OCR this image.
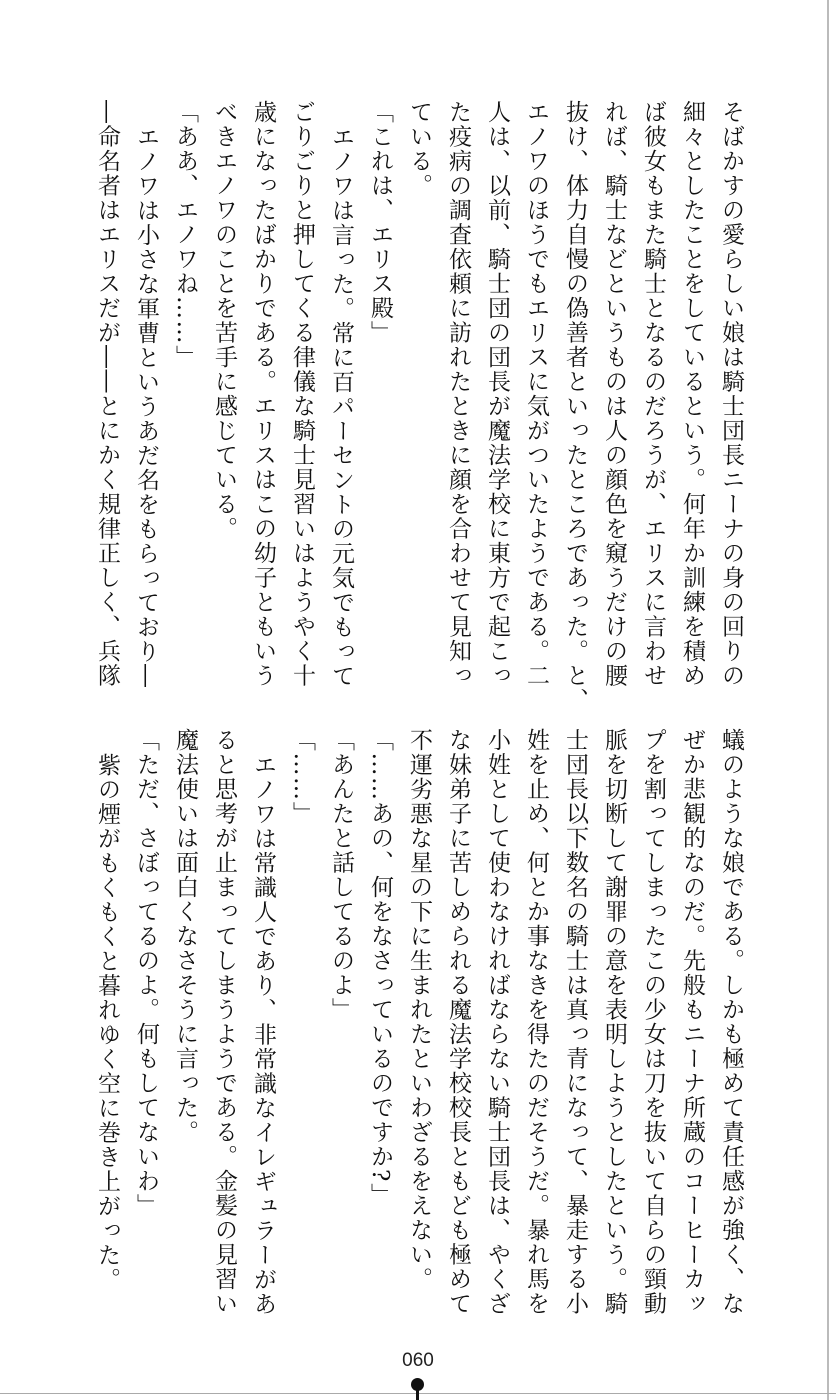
そばかすの愛らしい娘は騎士団長ニーナの身の回りの
細々としたことをしているという。何年か訓練を積め
ば彼女もまた騎士となるのだろうが、エリスに言わせ
れば、騎士などというものは人の顔色を窺うだけの腰
抜け、体力自慢の偽善者といったところであった。と、
エノワのほうでもエリスに気がついたようである。二
人は、以前、騎士団の団長が魔法学校に東方で起こっ
た疫病の調査依頼に訪れたときに顔を合わせて見知っ
ている。
「これは、エリス殿」
エノワは言った。常に百パーセントの元気でもって
ごりごりと押してくる律儀な騎士見習いはようやく十
歳になったばかりである。エリスはこの幼子ともいう
べきエノワのことを苦手に感じている。
「ああ、エノワね……」
エノワは小さな軍曹というあだ名をもらっており―
―命名者はエリスだが――とにかく規律正しく、兵隊
蟻のような娘である。しかも極めて責任感が強く、な
ぜか悲観的なのだ。先般もニーナ所蔵のコーヒーカッ
プを割ってしまったこの少女は刀を抜いて自らの頸動
脈を切断して謝罪の意を表明しようとしたという。騎
士団長以下数名の騎士は真っ青になって、暴走する小
姓を止め、何とか事なきを得たのだそうだ。暴れ馬を
小姓として使わなければならない騎士団長は、やくざ
な妹弟子に苦しめられる魔法学校校長ともども極めて
不運劣悪な星の下に生まれたといわざるをえない。
「……あの、何をなさっているのですか?」
「あんたと話してるのよ」
「……」
エノワは常識人であり、非常識なイレギュラーがあ
ると思考が止まってしまうようである。金髪の見習い
魔法使いは面白くなさそうに言った。
「ただ、さぼってるのよ。何もしてないわ」
紫の煙がもくもくと暮れゆく空に巻き上がった。
060
